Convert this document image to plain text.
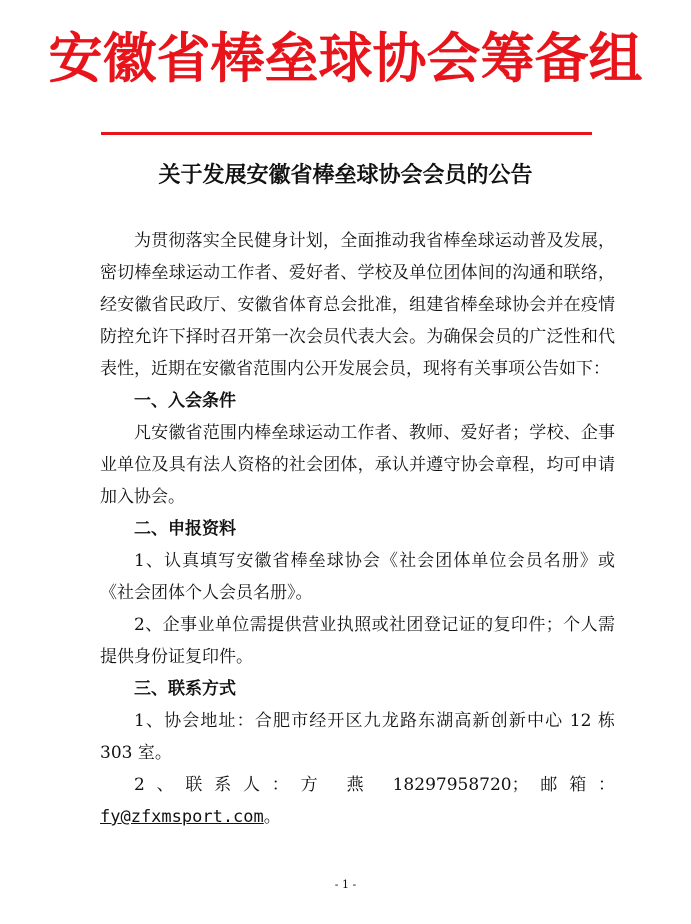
安徽省棒垒球协会筹备组
关于发展安徽省棒垒球协会会员的公告

为贯彻落实全民健身计划，全面推动我省棒垒球运动普及发展，密切棒垒球运动工作者、爱好者、学校及单位团体间的沟通和联络，经安徽省民政厅、安徽省体育总会批准，组建省棒垒球协会并在疫情防控允许下择时召开第一次会员代表大会。为确保会员的广泛性和代表性，近期在安徽省范围内公开发展会员，现将有关事项公告如下：

一、入会条件

凡安徽省范围内棒垒球运动工作者、教师、爱好者；学校、企事业单位及具有法人资格的社会团体，承认并遵守协会章程，均可申请加入协会。

二、申报资料

1、认真填写安徽省棒垒球协会《社会团体单位会员名册》或《社会团体个人会员名册》。

2、企事业单位需提供营业执照或社团登记证的复印件；个人需提供身份证复印件。

三、联系方式

1、协会地址：合肥市经开区九龙路东湖高新创新中心 12 栋 303 室。

2、联系人：方 燕 18297958720；邮箱：fy@zfxmsport.com。

- 1 -
